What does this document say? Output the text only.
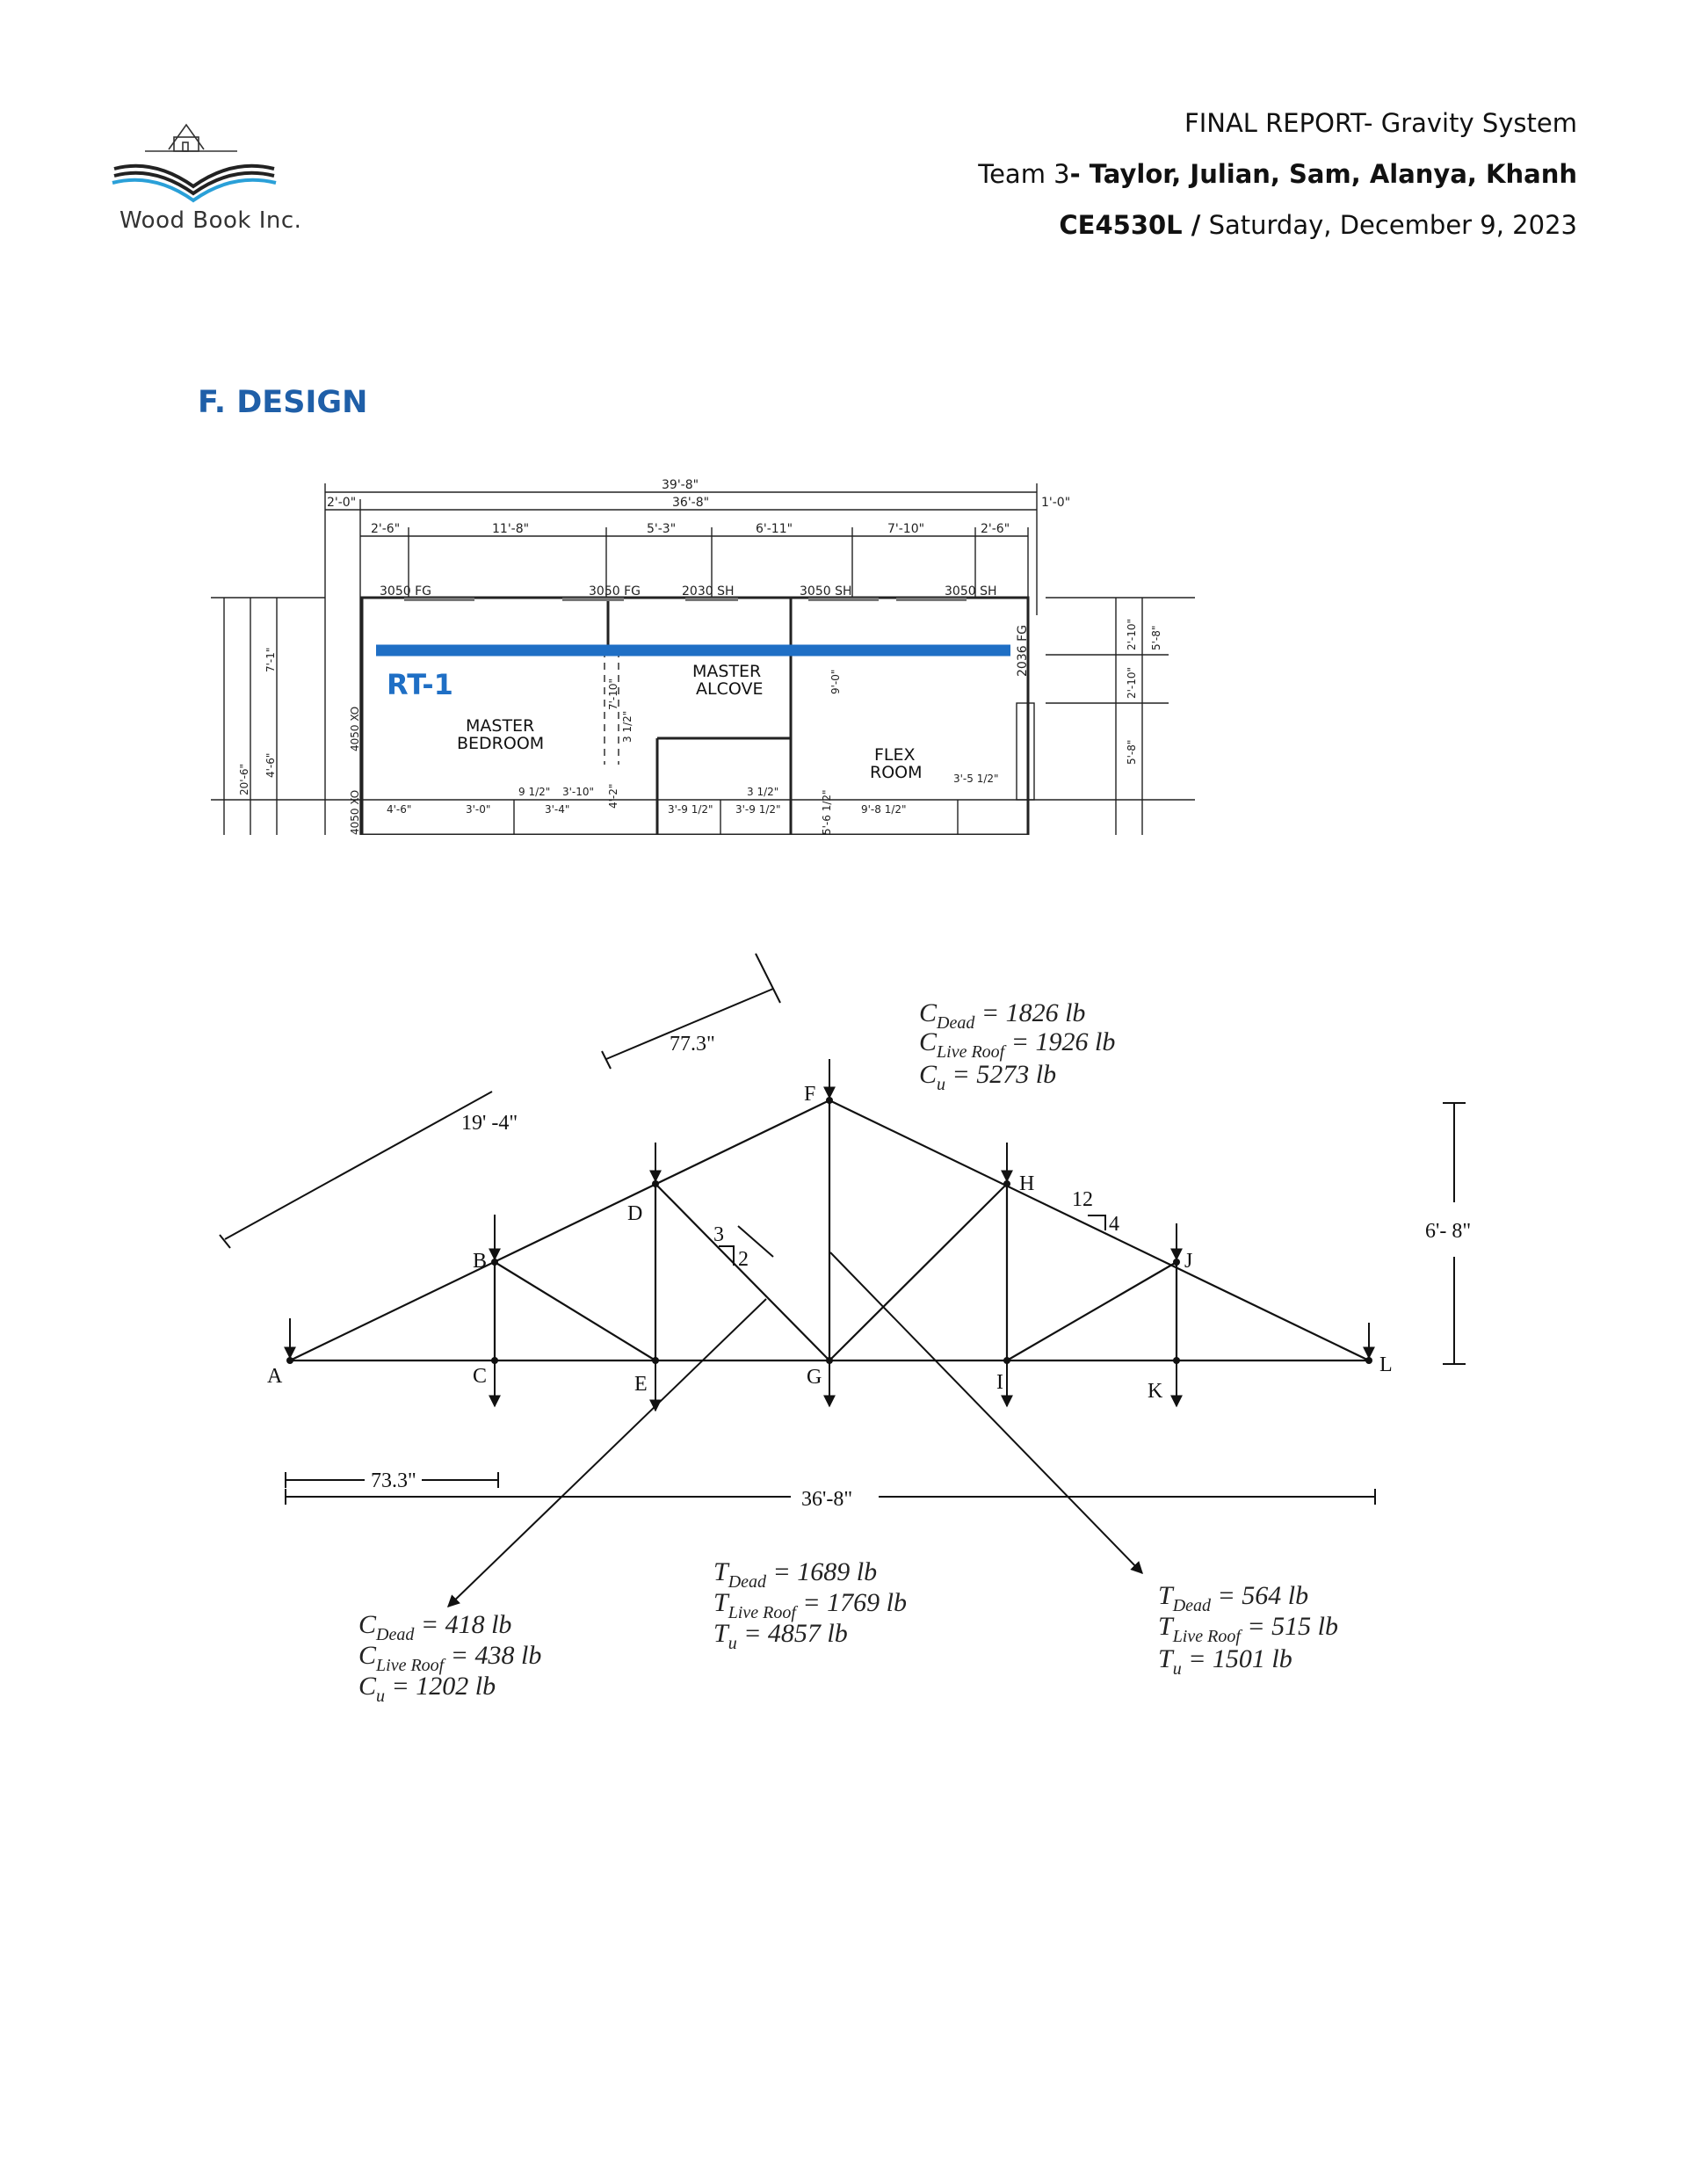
Wood Book Inc.
FINAL REPORT- Gravity System
Team 3- Taylor, Julian, Sam, Alanya, Khanh
CE4530L / Saturday, December 9, 2023
F. DESIGN
RT-1
39'-8"
36'-8"
2'-0"	1'-0"
2'-6"	11'-8"	5'-3"	6'-11"	7'-10"	2'-6"
3050 FG	3050 FG	2030 SH	3050 SH	3050 SH
2036 FG
MASTER
BEDROOM
MASTER
ALCOVE
FLEX
ROOM
7'-1"
4'-6"
20'-6"
2'-10"
2'-10"
5'-8"
5'-8"
7'-10"	9'-0"
3 1/2"
4050 XO
4050 XO 4'-6"	3'-0"	3'-4"
9 1/2" 3'-10" 4'-2"
3'-9 1/2" 3'-9 1/2"
3 1/2"	5'-6 1/2"	9'-8 1/2"
3'-5 1/2"
A
B
C
D
E
F
G
H
I
J
K
L
19' -4"
77.3"
73.3"
36'-8"
6'- 8"
3
2
12
4
$C_{Dead} = 1826$ lb
$C_{Live Roof} = 1926$ lb
$C_u = 5273$ lb
$C_{Dead} = 418$ lb
$C_{Live Roof} = 438$ lb
$C_u = 1202$ lb
$T_{Dead} = 1689$ lb
$T_{Live Roof} = 1769$ lb
$T_u = 4857$ lb
$T_{Dead} = 564$ lb
$T_{Live Roof} = 515$ lb
$T_u = 1501$ lb
